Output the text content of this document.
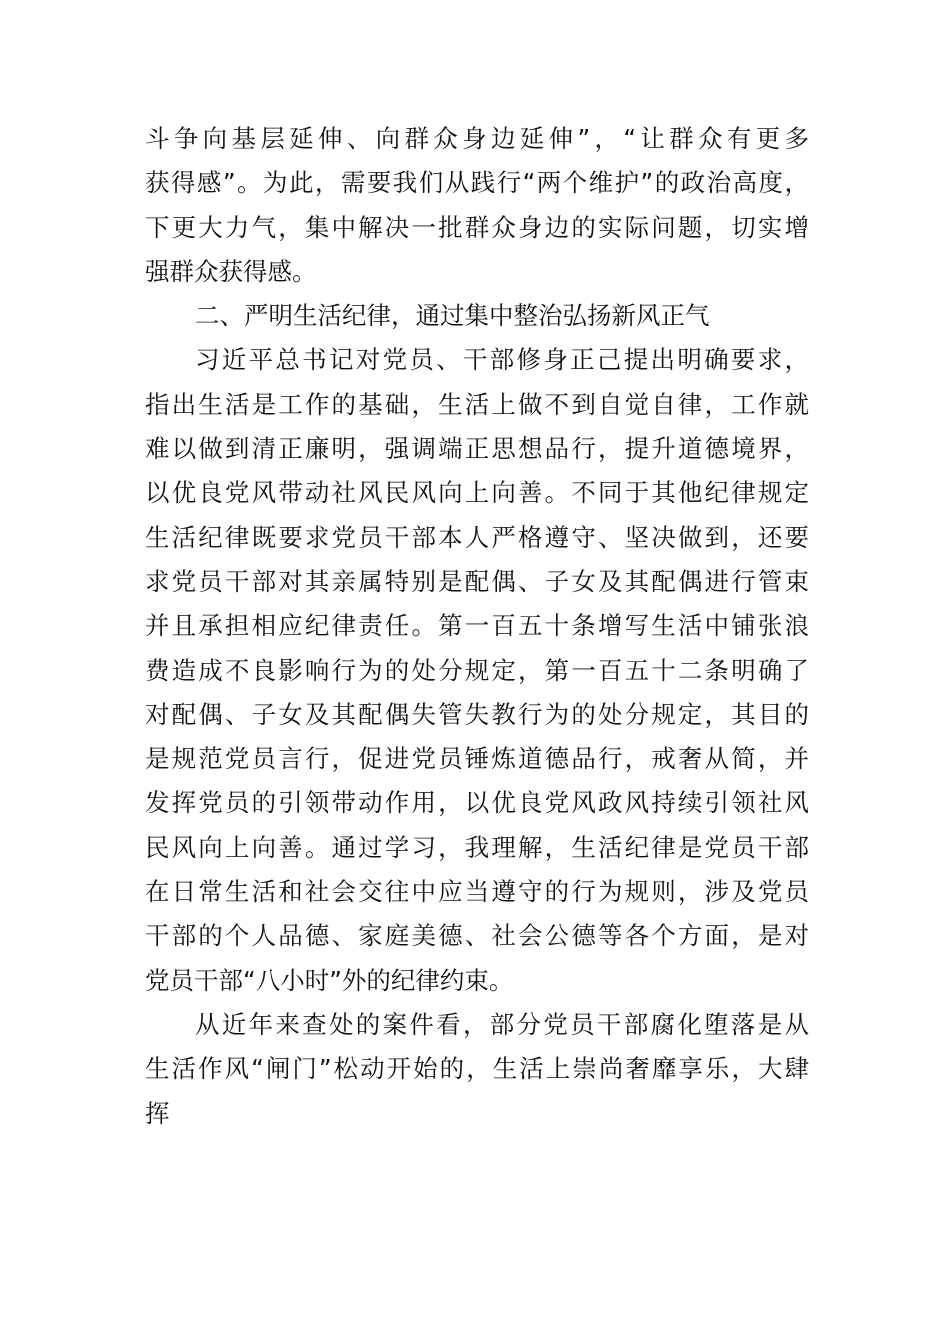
斗争向基层延伸、向群众身边延伸”，“让群众有更多
获得感”。为此，需要我们从践行“两个维护”的政治高度，
下更大力气，集中解决一批群众身边的实际问题，切实增
强群众获得感。
二、严明生活纪律，通过集中整治弘扬新风正气
习近平总书记对党员、干部修身正己提出明确要求，
指出生活是工作的基础，生活上做不到自觉自律，工作就
难以做到清正廉明，强调端正思想品行，提升道德境界，
以优良党风带动社风民风向上向善。不同于其他纪律规定
生活纪律既要求党员干部本人严格遵守、坚决做到，还要
求党员干部对其亲属特别是配偶、子女及其配偶进行管束
并且承担相应纪律责任。第一百五十条增写生活中铺张浪
费造成不良影响行为的处分规定，第一百五十二条明确了
对配偶、子女及其配偶失管失教行为的处分规定，其目的
是规范党员言行，促进党员锤炼道德品行，戒奢从简，并
发挥党员的引领带动作用，以优良党风政风持续引领社风
民风向上向善。通过学习，我理解，生活纪律是党员干部
在日常生活和社会交往中应当遵守的行为规则，涉及党员
干部的个人品德、家庭美德、社会公德等各个方面，是对
党员干部“八小时”外的纪律约束。
从近年来查处的案件看，部分党员干部腐化堕落是从
生活作风“闸门”松动开始的，生活上崇尚奢靡享乐，大肆
挥
